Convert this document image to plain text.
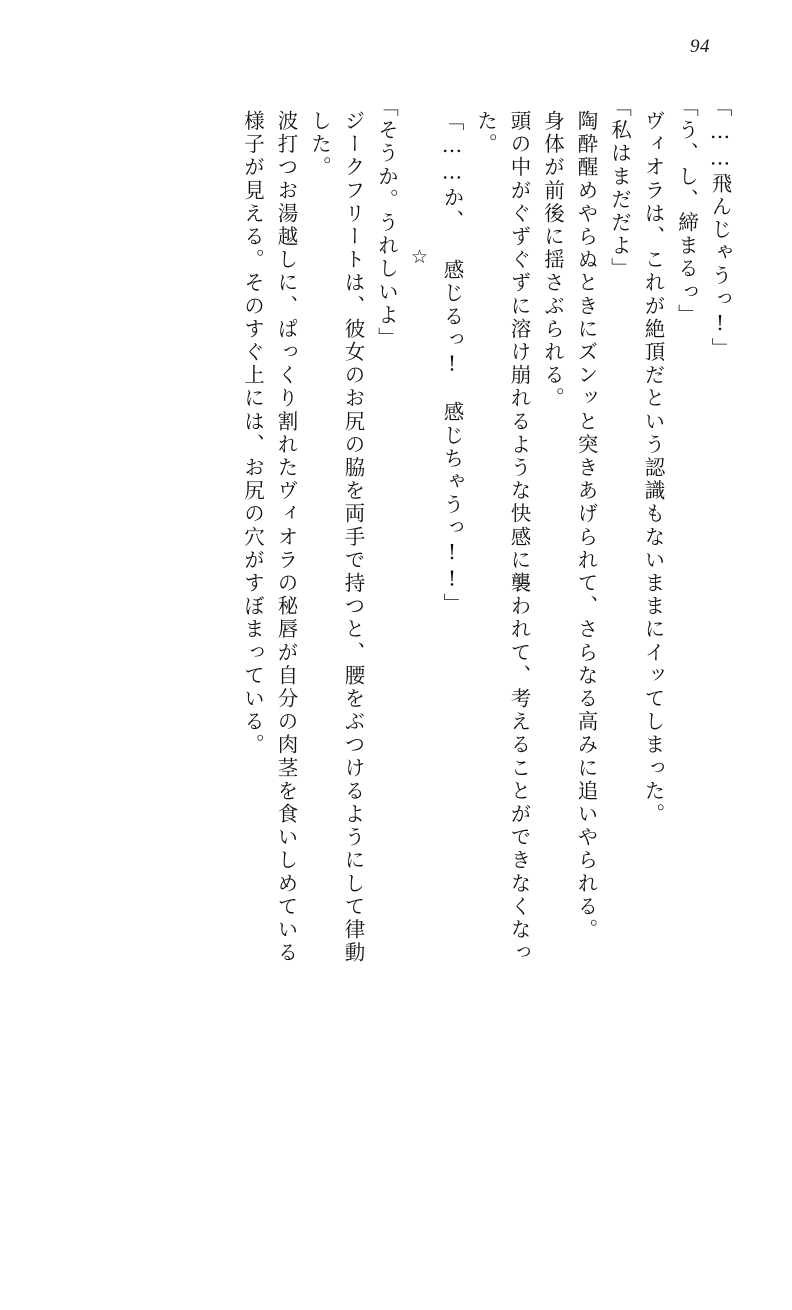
94
「……飛んじゃうっ!」
「う、し、締まるっ」
ヴィオラは、これが絶頂だという認識もないままにイッてしまった。
「私はまだだよ」
陶酔醒めやらぬときにズンッと突きあげられて、さらなる高みに追いやられる。
身体が前後に揺さぶられる。
頭の中がぐずぐずに溶け崩れるような快感に襲われて、考えることができなくなっ
た。
「……か、 感じるっ!　感じちゃうっ!!」
☆
「そうか。うれしいよ」
ジークフリートは、彼女のお尻の脇を両手で持つと、腰をぶつけるようにして律動
した。
波打つお湯越しに、ぱっくり割れたヴィオラの秘唇が自分の肉茎を食いしめている
様子が見える。そのすぐ上には、お尻の穴がすぼまっている。
